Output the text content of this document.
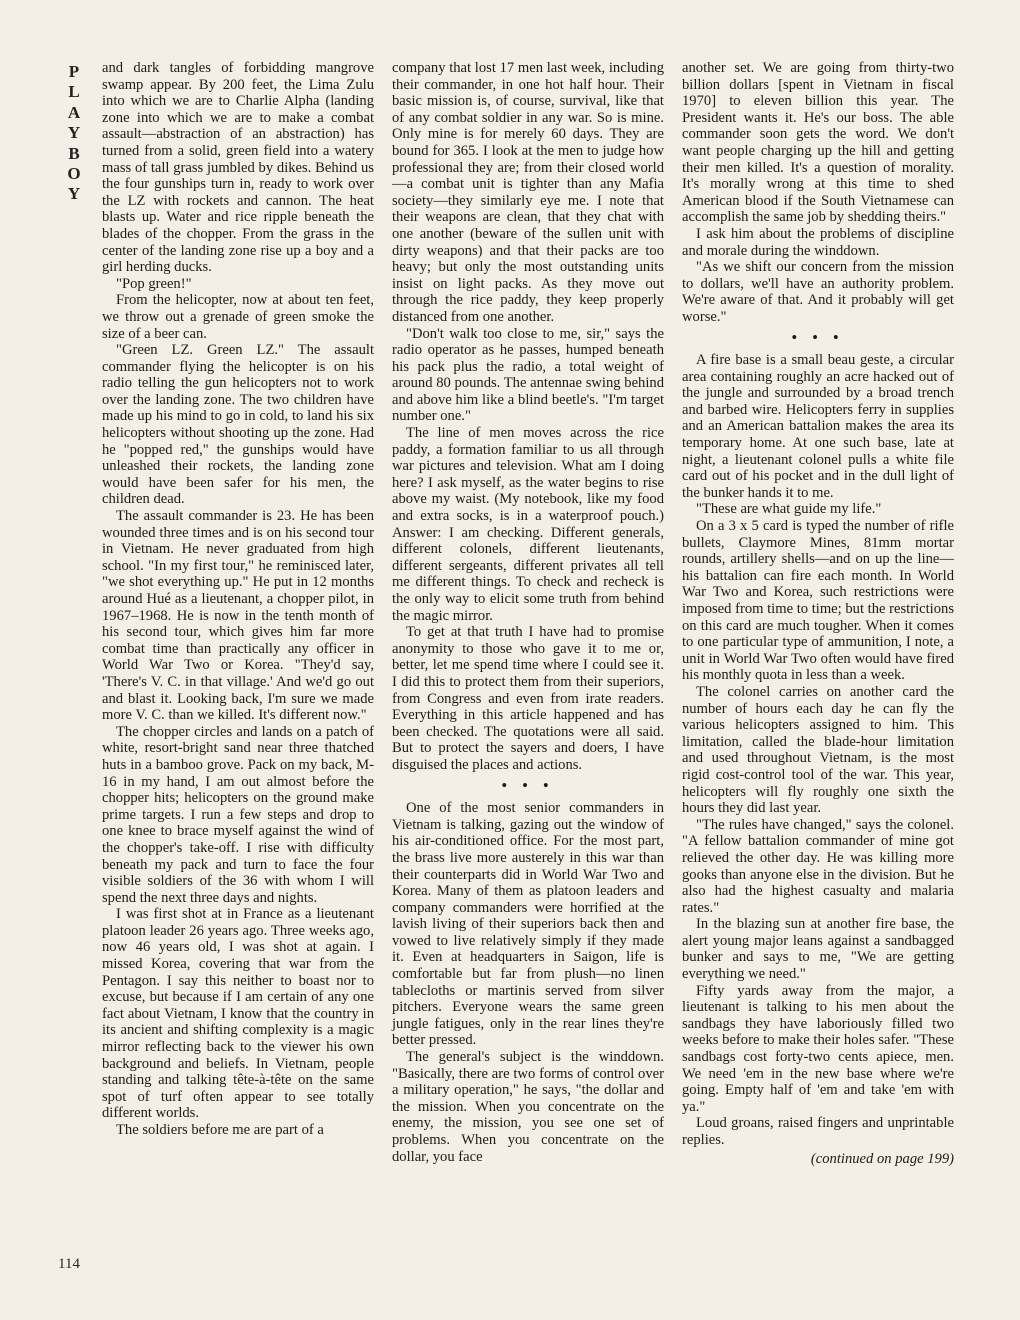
P
L
A
Y
B
O
Y

and dark tangles of forbidding mangrove swamp appear. By 200 feet, the Lima Zulu into which we are to Charlie Alpha (landing zone into which we are to make a combat assault—abstraction of an abstraction) has turned from a solid, green field into a watery mass of tall grass jumbled by dikes. Behind us the four gunships turn in, ready to work over the LZ with rockets and cannon. The heat blasts up. Water and rice ripple beneath the blades of the chopper. From the grass in the center of the landing zone rise up a boy and a girl herding ducks.

"Pop green!"

From the helicopter, now at about ten feet, we throw out a grenade of green smoke the size of a beer can.

"Green LZ. Green LZ." The assault commander flying the helicopter is on his radio telling the gun helicopters not to work over the landing zone. The two children have made up his mind to go in cold, to land his six helicopters without shooting up the zone. Had he "popped red," the gunships would have unleashed their rockets, the landing zone would have been safer for his men, the children dead.

The assault commander is 23. He has been wounded three times and is on his second tour in Vietnam. He never graduated from high school. "In my first tour," he reminisced later, "we shot everything up." He put in 12 months around Hué as a lieutenant, a chopper pilot, in 1967–1968. He is now in the tenth month of his second tour, which gives him far more combat time than practically any officer in World War Two or Korea. "They'd say, 'There's V. C. in that village.' And we'd go out and blast it. Looking back, I'm sure we made more V. C. than we killed. It's different now."

The chopper circles and lands on a patch of white, resort-bright sand near three thatched huts in a bamboo grove. Pack on my back, M-16 in my hand, I am out almost before the chopper hits; helicopters on the ground make prime targets. I run a few steps and drop to one knee to brace myself against the wind of the chopper's take-off. I rise with difficulty beneath my pack and turn to face the four visible soldiers of the 36 with whom I will spend the next three days and nights.

I was first shot at in France as a lieutenant platoon leader 26 years ago. Three weeks ago, now 46 years old, I was shot at again. I missed Korea, covering that war from the Pentagon. I say this neither to boast nor to excuse, but because if I am certain of any one fact about Vietnam, I know that the country in its ancient and shifting complexity is a magic mirror reflecting back to the viewer his own background and beliefs. In Vietnam, people standing and talking tête-à-tête on the same spot of turf often appear to see totally different worlds.

The soldiers before me are part of a

company that lost 17 men last week, including their commander, in one hot half hour. Their basic mission is, of course, survival, like that of any combat soldier in any war. So is mine. Only mine is for merely 60 days. They are bound for 365. I look at the men to judge how professional they are; from their closed world—a combat unit is tighter than any Mafia society—they similarly eye me. I note that their weapons are clean, that they chat with one another (beware of the sullen unit with dirty weapons) and that their packs are too heavy; but only the most outstanding units insist on light packs. As they move out through the rice paddy, they keep properly distanced from one another.

"Don't walk too close to me, sir," says the radio operator as he passes, humped beneath his pack plus the radio, a total weight of around 80 pounds. The antennae swing behind and above him like a blind beetle's. "I'm target number one."

The line of men moves across the rice paddy, a formation familiar to us all through war pictures and television. What am I doing here? I ask myself, as the water begins to rise above my waist. (My notebook, like my food and extra socks, is in a waterproof pouch.) Answer: I am checking. Different generals, different colonels, different lieutenants, different sergeants, different privates all tell me different things. To check and recheck is the only way to elicit some truth from behind the magic mirror.

To get at that truth I have had to promise anonymity to those who gave it to me or, better, let me spend time where I could see it. I did this to protect them from their superiors, from Congress and even from irate readers. Everything in this article happened and has been checked. The quotations were all said. But to protect the sayers and doers, I have disguised the places and actions.

• • •

One of the most senior commanders in Vietnam is talking, gazing out the window of his air-conditioned office. For the most part, the brass live more austerely in this war than their counterparts did in World War Two and Korea. Many of them as platoon leaders and company commanders were horrified at the lavish living of their superiors back then and vowed to live relatively simply if they made it. Even at headquarters in Saigon, life is comfortable but far from plush—no linen tablecloths or martinis served from silver pitchers. Everyone wears the same green jungle fatigues, only in the rear lines they're better pressed.

The general's subject is the winddown. "Basically, there are two forms of control over a military operation," he says, "the dollar and the mission. When you concentrate on the enemy, the mission, you see one set of problems. When you concentrate on the dollar, you face

another set. We are going from thirty-two billion dollars [spent in Vietnam in fiscal 1970] to eleven billion this year. The President wants it. He's our boss. The able commander soon gets the word. We don't want people charging up the hill and getting their men killed. It's a question of morality. It's morally wrong at this time to shed American blood if the South Vietnamese can accomplish the same job by shedding theirs."

I ask him about the problems of discipline and morale during the winddown.

"As we shift our concern from the mission to dollars, we'll have an authority problem. We're aware of that. And it probably will get worse."

• • •

A fire base is a small beau geste, a circular area containing roughly an acre hacked out of the jungle and surrounded by a broad trench and barbed wire. Helicopters ferry in supplies and an American battalion makes the area its temporary home. At one such base, late at night, a lieutenant colonel pulls a white file card out of his pocket and in the dull light of the bunker hands it to me.

"These are what guide my life."

On a 3 x 5 card is typed the number of rifle bullets, Claymore Mines, 81mm mortar rounds, artillery shells—and on up the line—his battalion can fire each month. In World War Two and Korea, such restrictions were imposed from time to time; but the restrictions on this card are much tougher. When it comes to one particular type of ammunition, I note, a unit in World War Two often would have fired his monthly quota in less than a week.

The colonel carries on another card the number of hours each day he can fly the various helicopters assigned to him. This limitation, called the blade-hour limitation and used throughout Vietnam, is the most rigid cost-control tool of the war. This year, helicopters will fly roughly one sixth the hours they did last year.

"The rules have changed," says the colonel. "A fellow battalion commander of mine got relieved the other day. He was killing more gooks than anyone else in the division. But he also had the highest casualty and malaria rates."

In the blazing sun at another fire base, the alert young major leans against a sandbagged bunker and says to me, "We are getting everything we need."

Fifty yards away from the major, a lieutenant is talking to his men about the sandbags they have laboriously filled two weeks before to make their holes safer. "These sandbags cost forty-two cents apiece, men. We need 'em in the new base where we're going. Empty half of 'em and take 'em with ya."

Loud groans, raised fingers and unprintable replies.

(continued on page 199)
114
